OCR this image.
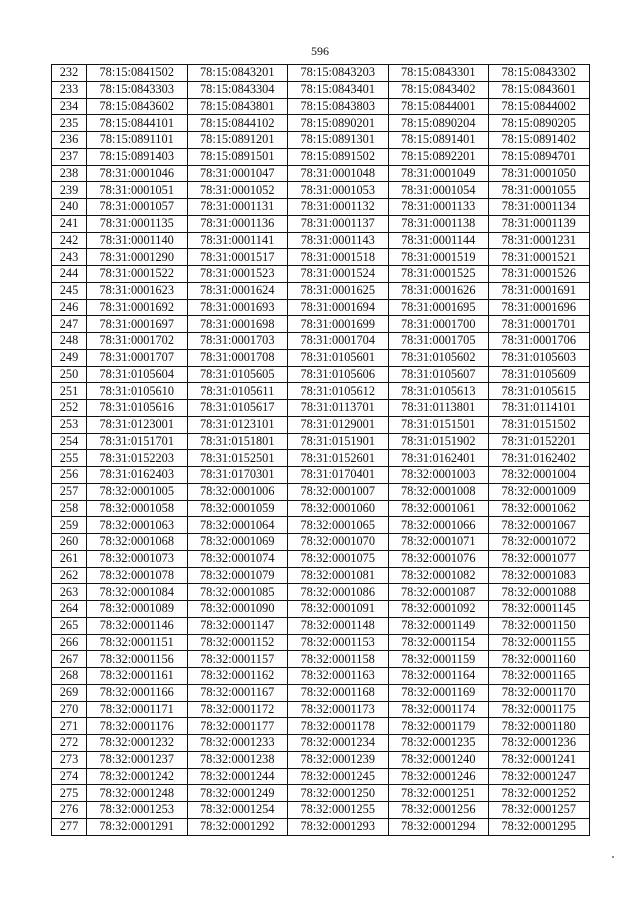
596
232	78:15:0841502	78:15:0843201	78:15:0843203	78:15:0843301	78:15:0843302
233	78:15:0843303	78:15:0843304	78:15:0843401	78:15:0843402	78:15:0843601
234	78:15:0843602	78:15:0843801	78:15:0843803	78:15:0844001	78:15:0844002
235	78:15:0844101	78:15:0844102	78:15:0890201	78:15:0890204	78:15:0890205
236	78:15:0891101	78:15:0891201	78:15:0891301	78:15:0891401	78:15:0891402
237	78:15:0891403	78:15:0891501	78:15:0891502	78:15:0892201	78:15:0894701
238	78:31:0001046	78:31:0001047	78:31:0001048	78:31:0001049	78:31:0001050
239	78:31:0001051	78:31:0001052	78:31:0001053	78:31:0001054	78:31:0001055
240	78:31:0001057	78:31:0001131	78:31:0001132	78:31:0001133	78:31:0001134
241	78:31:0001135	78:31:0001136	78:31:0001137	78:31:0001138	78:31:0001139
242	78:31:0001140	78:31:0001141	78:31:0001143	78:31:0001144	78:31:0001231
243	78:31:0001290	78:31:0001517	78:31:0001518	78:31:0001519	78:31:0001521
244	78:31:0001522	78:31:0001523	78:31:0001524	78:31:0001525	78:31:0001526
245	78:31:0001623	78:31:0001624	78:31:0001625	78:31:0001626	78:31:0001691
246	78:31:0001692	78:31:0001693	78:31:0001694	78:31:0001695	78:31:0001696
247	78:31:0001697	78:31:0001698	78:31:0001699	78:31:0001700	78:31:0001701
248	78:31:0001702	78:31:0001703	78:31:0001704	78:31:0001705	78:31:0001706
249	78:31:0001707	78:31:0001708	78:31:0105601	78:31:0105602	78:31:0105603
250	78:31:0105604	78:31:0105605	78:31:0105606	78:31:0105607	78:31:0105609
251	78:31:0105610	78:31:0105611	78:31:0105612	78:31:0105613	78:31:0105615
252	78:31:0105616	78:31:0105617	78:31:0113701	78:31:0113801	78:31:0114101
253	78:31:0123001	78:31:0123101	78:31:0129001	78:31:0151501	78:31:0151502
254	78:31:0151701	78:31:0151801	78:31:0151901	78:31:0151902	78:31:0152201
255	78:31:0152203	78:31:0152501	78:31:0152601	78:31:0162401	78:31:0162402
256	78:31:0162403	78:31:0170301	78:31:0170401	78:32:0001003	78:32:0001004
257	78:32:0001005	78:32:0001006	78:32:0001007	78:32:0001008	78:32:0001009
258	78:32:0001058	78:32:0001059	78:32:0001060	78:32:0001061	78:32:0001062
259	78:32:0001063	78:32:0001064	78:32:0001065	78:32:0001066	78:32:0001067
260	78:32:0001068	78:32:0001069	78:32:0001070	78:32:0001071	78:32:0001072
261	78:32:0001073	78:32:0001074	78:32:0001075	78:32:0001076	78:32:0001077
262	78:32:0001078	78:32:0001079	78:32:0001081	78:32:0001082	78:32:0001083
263	78:32:0001084	78:32:0001085	78:32:0001086	78:32:0001087	78:32:0001088
264	78:32:0001089	78:32:0001090	78:32:0001091	78:32:0001092	78:32:0001145
265	78:32:0001146	78:32:0001147	78:32:0001148	78:32:0001149	78:32:0001150
266	78:32:0001151	78:32:0001152	78:32:0001153	78:32:0001154	78:32:0001155
267	78:32:0001156	78:32:0001157	78:32:0001158	78:32:0001159	78:32:0001160
268	78:32:0001161	78:32:0001162	78:32:0001163	78:32:0001164	78:32:0001165
269	78:32:0001166	78:32:0001167	78:32:0001168	78:32:0001169	78:32:0001170
270	78:32:0001171	78:32:0001172	78:32:0001173	78:32:0001174	78:32:0001175
271	78:32:0001176	78:32:0001177	78:32:0001178	78:32:0001179	78:32:0001180
272	78:32:0001232	78:32:0001233	78:32:0001234	78:32:0001235	78:32:0001236
273	78:32:0001237	78:32:0001238	78:32:0001239	78:32:0001240	78:32:0001241
274	78:32:0001242	78:32:0001244	78:32:0001245	78:32:0001246	78:32:0001247
275	78:32:0001248	78:32:0001249	78:32:0001250	78:32:0001251	78:32:0001252
276	78:32:0001253	78:32:0001254	78:32:0001255	78:32:0001256	78:32:0001257
277	78:32:0001291	78:32:0001292	78:32:0001293	78:32:0001294	78:32:0001295
